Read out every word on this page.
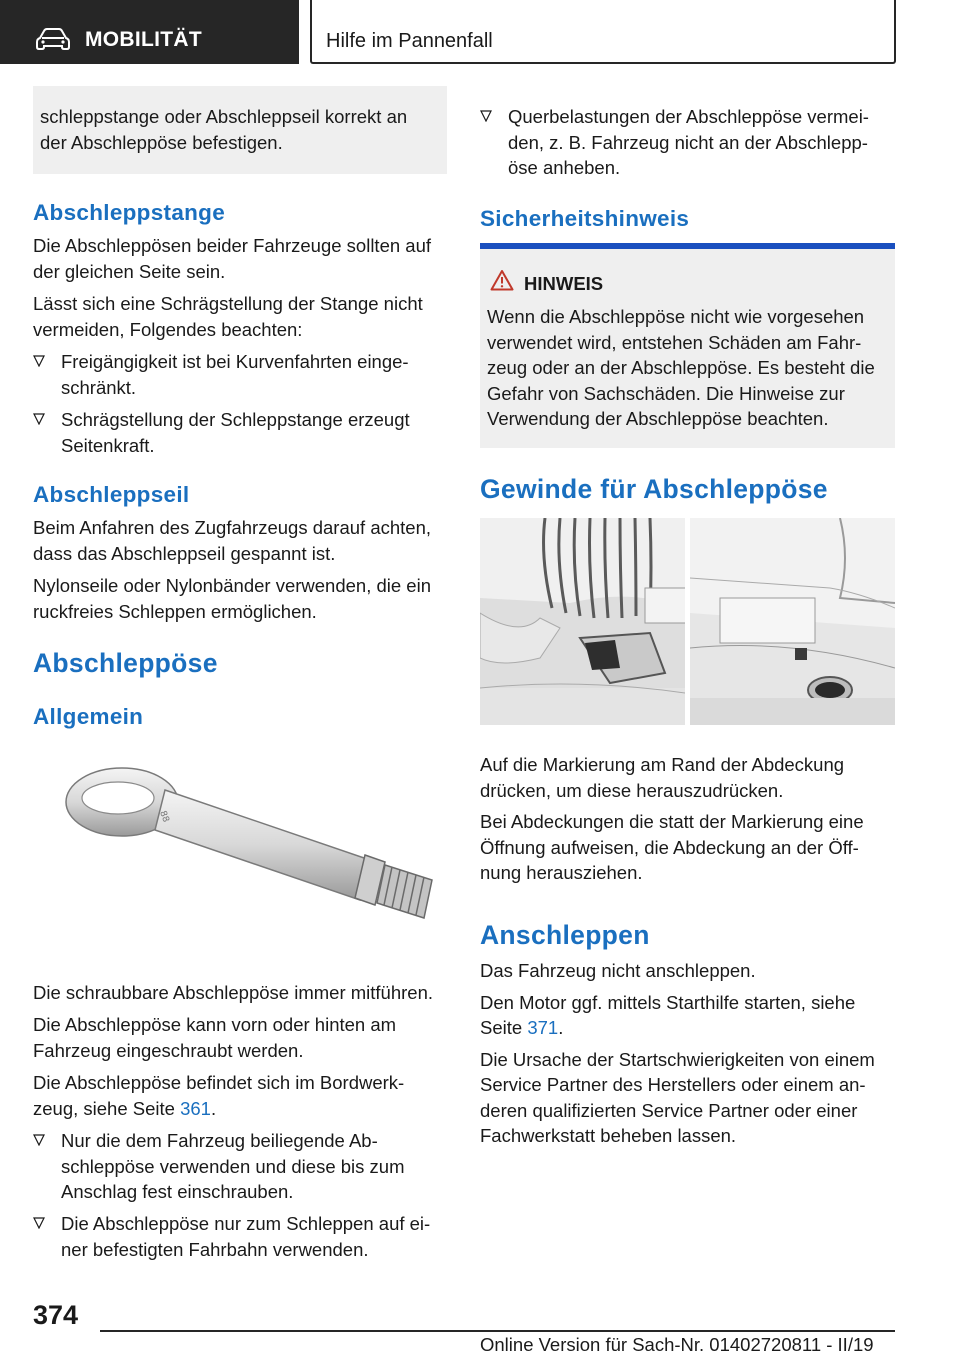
MOBILITÄT	Hilfe im Pannenfall
schleppstange oder Abschleppseil korrekt an
der Abschleppöse befestigen.
Abschleppstange
Die Abschleppösen beider Fahrzeuge sollten auf
der gleichen Seite sein.
Lässt sich eine Schrägstellung der Stange nicht
vermeiden, Folgendes beachten:
Freigängigkeit ist bei Kurvenfahrten einge-
schränkt.
Schrägstellung der Schleppstange erzeugt
Seitenkraft.
Abschleppseil
Beim Anfahren des Zugfahrzeugs darauf achten,
dass das Abschleppseil gespannt ist.
Nylonseile oder Nylonbänder verwenden, die ein
ruckfreies Schleppen ermöglichen.
Abschleppöse
Allgemein
88
Die schraubbare Abschleppöse immer mitführen.
Die Abschleppöse kann vorn oder hinten am
Fahrzeug eingeschraubt werden.
Die Abschleppöse befindet sich im Bordwerk-
zeug, siehe Seite 361.
Nur die dem Fahrzeug beiliegende Ab-
schleppöse verwenden und diese bis zum
Anschlag fest einschrauben.
Die Abschleppöse nur zum Schleppen auf ei-
ner befestigten Fahrbahn verwenden.
Querbelastungen der Abschleppöse vermei-
den, z. B. Fahrzeug nicht an der Abschlepp-
öse anheben.
Sicherheitshinweis
HINWEIS
Wenn die Abschleppöse nicht wie vorgesehen
verwendet wird, entstehen Schäden am Fahr-
zeug oder an der Abschleppöse. Es besteht die
Gefahr von Sachschäden. Die Hinweise zur
Verwendung der Abschleppöse beachten.
Gewinde für Abschleppöse
Auf die Markierung am Rand der Abdeckung
drücken, um diese herauszudrücken.
Bei Abdeckungen die statt der Markierung eine
Öffnung aufweisen, die Abdeckung an der Öff-
nung herausziehen.
Anschleppen
Das Fahrzeug nicht anschleppen.
Den Motor ggf. mittels Starthilfe starten, siehe
Seite 371.
Die Ursache der Startschwierigkeiten von einem
Service Partner des Herstellers oder einem an-
deren qualifizierten Service Partner oder einer
Fachwerkstatt beheben lassen.
374
Online Version für Sach-Nr. 01402720811 - II/19
